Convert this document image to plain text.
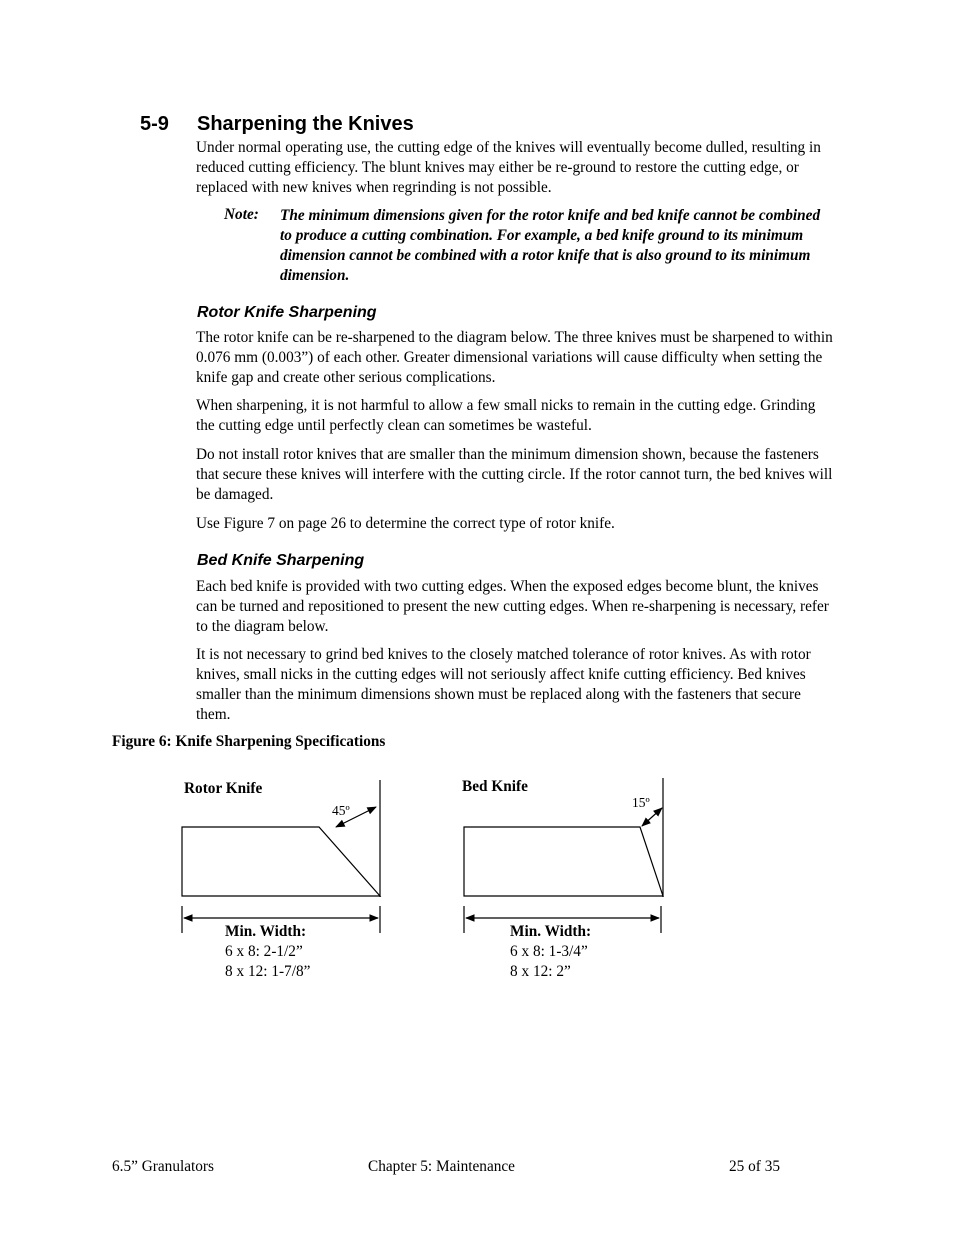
5-9 Sharpening the Knives

Under normal operating use, the cutting edge of the knives will eventually become dulled, resulting in reduced cutting efficiency. The blunt knives may either be re-ground to restore the cutting edge, or replaced with new knives when regrinding is not possible.

Note: The minimum dimensions given for the rotor knife and bed knife cannot be combined to produce a cutting combination. For example, a bed knife ground to its minimum dimension cannot be combined with a rotor knife that is also ground to its minimum dimension.

Rotor Knife Sharpening

The rotor knife can be re-sharpened to the diagram below. The three knives must be sharpened to within 0.076 mm (0.003”) of each other. Greater dimensional variations will cause difficulty when setting the knife gap and create other serious complications.

When sharpening, it is not harmful to allow a few small nicks to remain in the cutting edge. Grinding the cutting edge until perfectly clean can sometimes be wasteful.

Do not install rotor knives that are smaller than the minimum dimension shown, because the fasteners that secure these knives will interfere with the cutting circle. If the rotor cannot turn, the bed knives will be damaged.

Use Figure 7 on page 26 to determine the correct type of rotor knife.

Bed Knife Sharpening

Each bed knife is provided with two cutting edges. When the exposed edges become blunt, the knives can be turned and repositioned to present the new cutting edges. When re-sharpening is necessary, refer to the diagram below.

It is not necessary to grind bed knives to the closely matched tolerance of rotor knives. As with rotor knives, small nicks in the cutting edges will not seriously affect knife cutting efficiency. Bed knives smaller than the minimum dimensions shown must be replaced along with the fasteners that secure them.

Figure 6: Knife Sharpening Specifications
Rotor Knife
45º
Min. Width:
6 x 8: 2-1/2”
8 x 12: 1-7/8”
Bed Knife
15º
Min. Width:
6 x 8: 1-3/4”
8 x 12: 2”
6.5” Granulators	Chapter 5: Maintenance	25 of 35
